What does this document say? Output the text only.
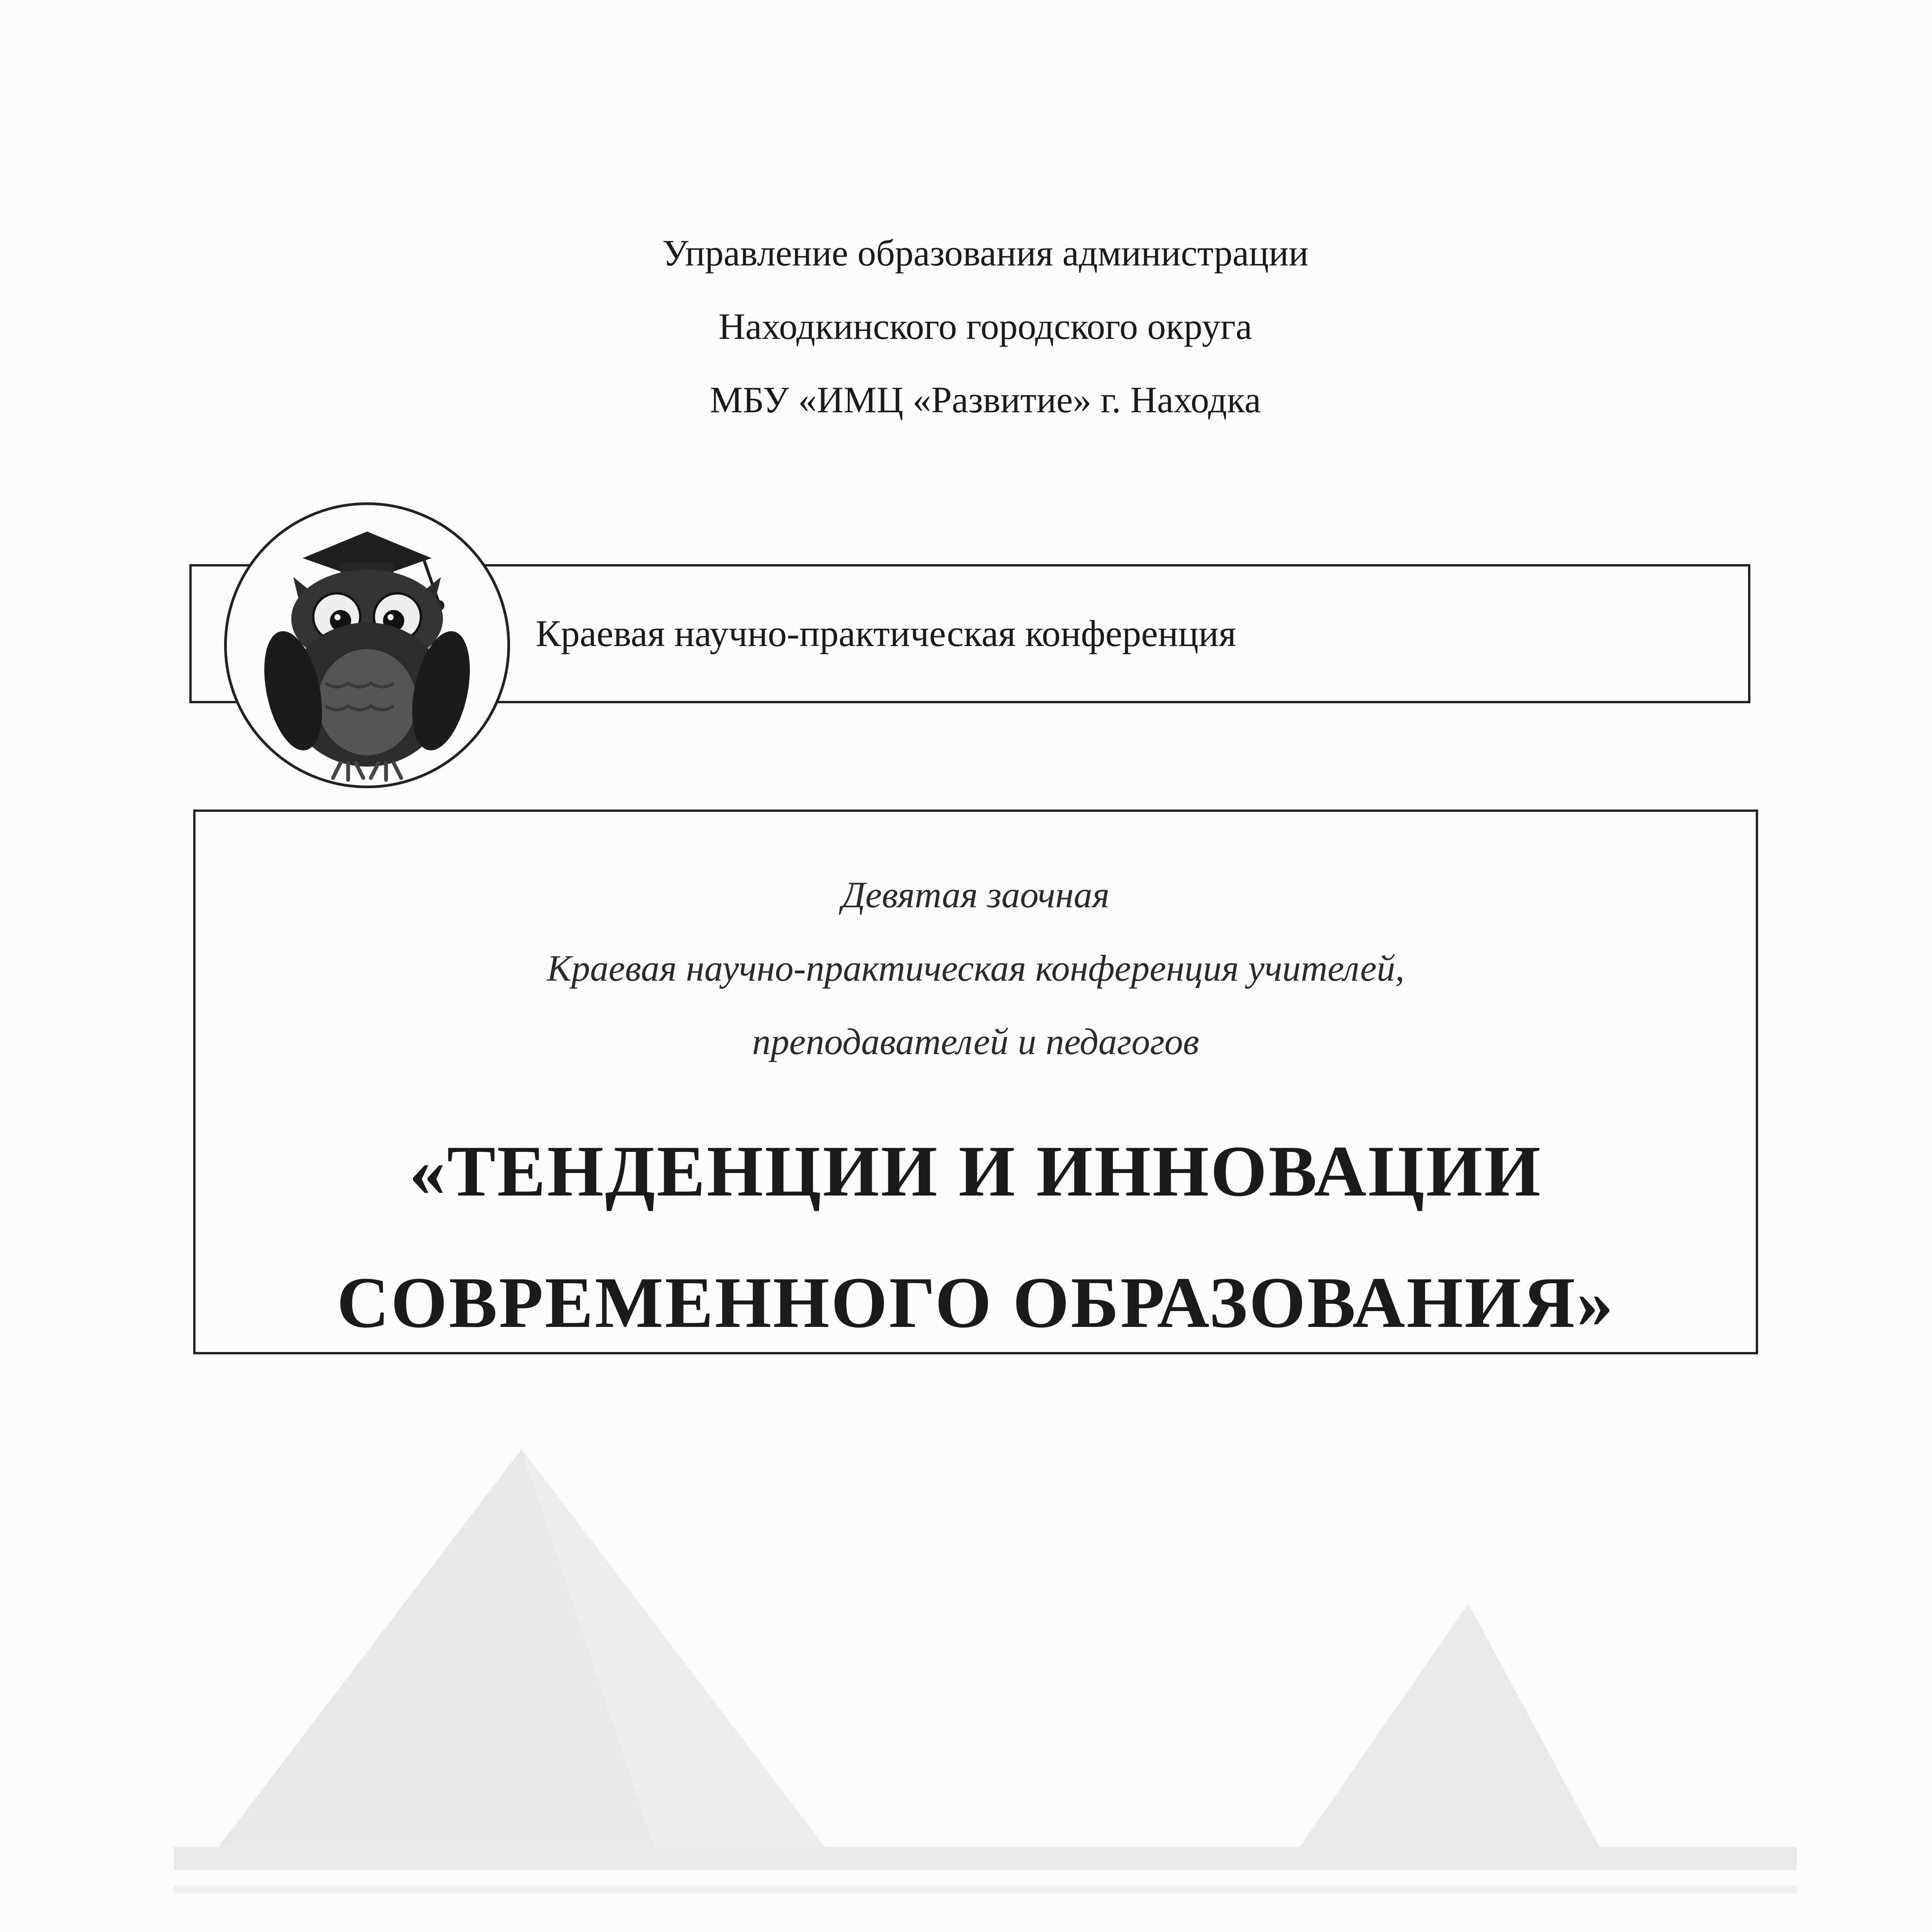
Управление образования администрации
Находкинского городского округа
МБУ «ИМЦ «Развитие» г. Находка
Краевая научно-практическая конференция
Девятая заочная
Краевая научно-практическая конференция учителей,
преподавателей и педагогов
«ТЕНДЕНЦИИ И ИННОВАЦИИ
СОВРЕМЕННОГО ОБРАЗОВАНИЯ»
